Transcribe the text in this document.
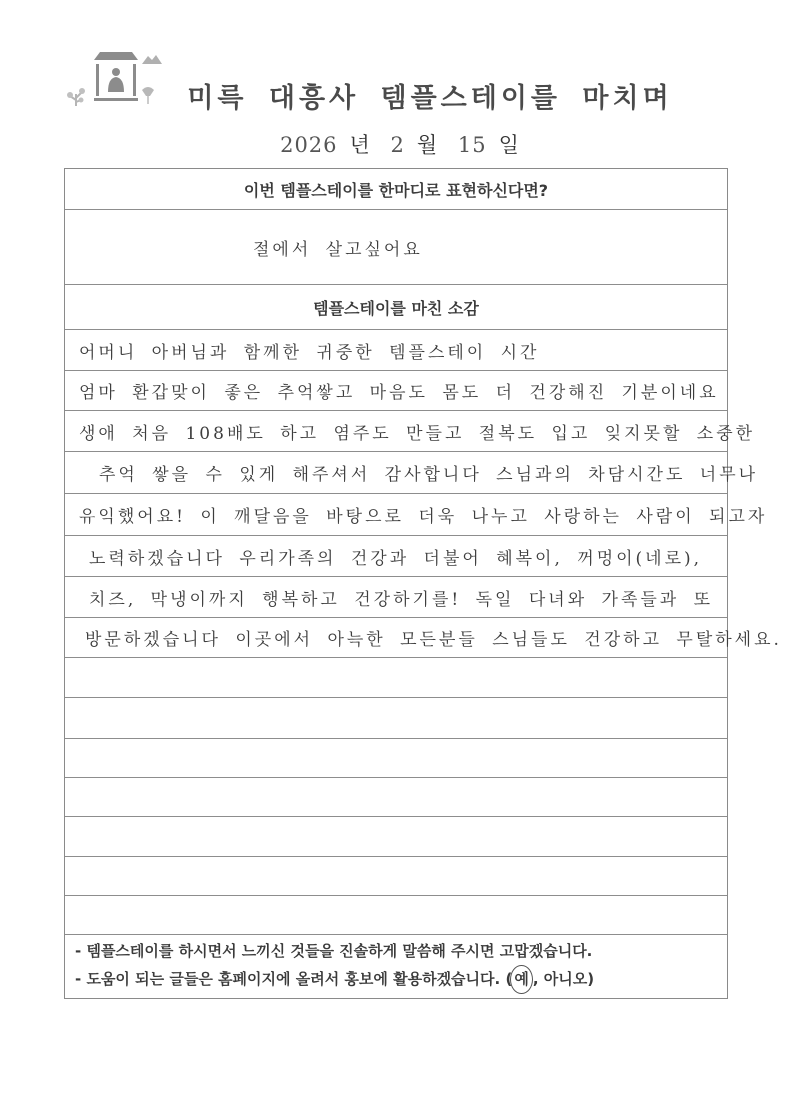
미륵 대흥사 템플스테이를 마치며
2026 년 2 월 15 일
이번 템플스테이를 한마디로 표현하신다면?
절에서 살고싶어요
템플스테이를 마친 소감
어머니 아버님과 함께한 귀중한 템플스테이 시간
엄마 환갑맞이 좋은 추억쌓고 마음도 몸도 더 건강해진 기분이네요
생애 처음 108배도 하고 염주도 만들고 절복도 입고 잊지못할 소중한
추억 쌓을 수 있게 해주셔서 감사합니다 스님과의 차담시간도 너무나
유익했어요! 이 깨달음을 바탕으로 더욱 나누고 사랑하는 사람이 되고자
노력하겠습니다 우리가족의 건강과 더불어 혜복이, 꺼멍이(네로),
치즈, 막냉이까지 행복하고 건강하기를! 독일 다녀와 가족들과 또
방문하겠습니다 이곳에서 아늑한 모든분들 스님들도 건강하고 무탈하세요.
- 템플스테이를 하시면서 느끼신 것들을 진솔하게 말씀해 주시면 고맙겠습니다.
- 도움이 되는 글들은 홈페이지에 올려서 홍보에 활용하겠습니다. ( 예 , 아니오)
